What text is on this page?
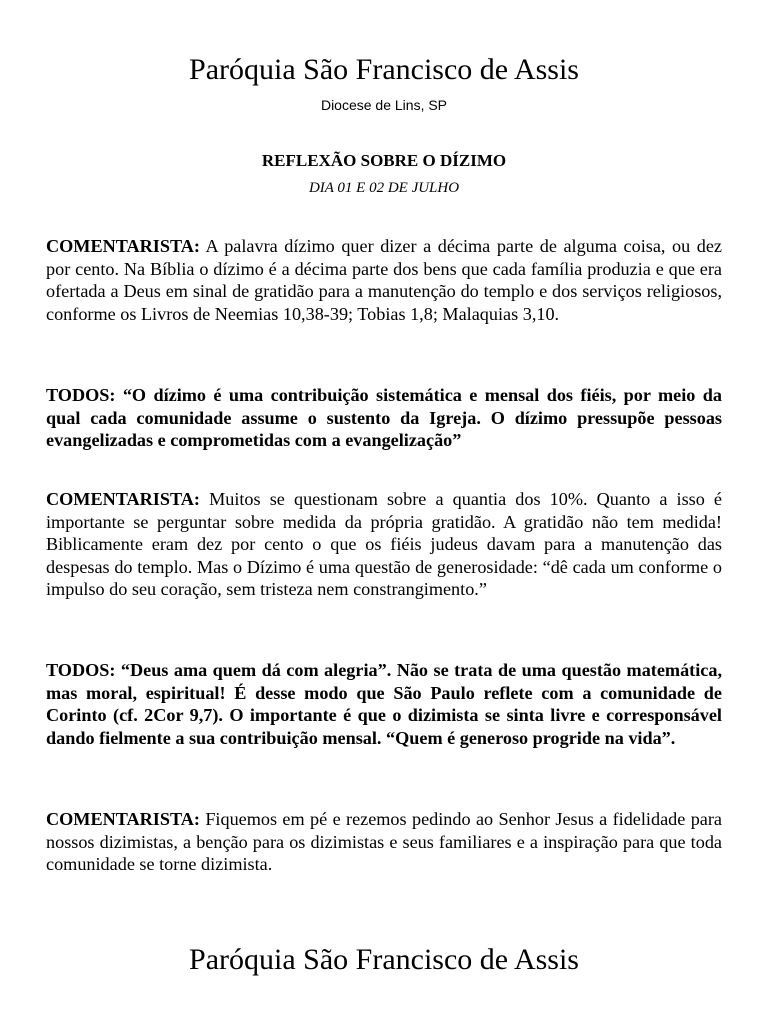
Paróquia São Francisco de Assis
Diocese de Lins, SP
REFLEXÃO SOBRE O DÍZIMO
DIA 01 E 02 DE JULHO

COMENTARISTA: A palavra dízimo quer dizer a décima parte de alguma coisa, ou dez por cento. Na Bíblia o dízimo é a décima parte dos bens que cada família produzia e que era ofertada a Deus em sinal de gratidão para a manutenção do templo e dos serviços religiosos, conforme os Livros de Neemias 10,38-39; Tobias 1,8; Malaquias 3,10.

TODOS: “O dízimo é uma contribuição sistemática e mensal dos fiéis, por meio da qual cada comunidade assume o sustento da Igreja. O dízimo pressupõe pessoas evangelizadas e comprometidas com a evangelização”

COMENTARISTA: Muitos se questionam sobre a quantia dos 10%. Quanto a isso é importante se perguntar sobre medida da própria gratidão. A gratidão não tem medida! Biblicamente eram dez por cento o que os fiéis judeus davam para a manutenção das despesas do templo. Mas o Dízimo é uma questão de generosidade: “dê cada um conforme o impulso do seu coração, sem tristeza nem constrangimento.”

TODOS: “Deus ama quem dá com alegria”. Não se trata de uma questão matemática, mas moral, espiritual! É desse modo que São Paulo reflete com a comunidade de Corinto (cf. 2Cor 9,7). O importante é que o dizimista se sinta livre e corresponsável dando fielmente a sua contribuição mensal. “Quem é generoso progride na vida”.

COMENTARISTA: Fiquemos em pé e rezemos pedindo ao Senhor Jesus a fidelidade para nossos dizimistas, a benção para os dizimistas e seus familiares e a inspiração para que toda comunidade se torne dizimista.

Paróquia São Francisco de Assis
